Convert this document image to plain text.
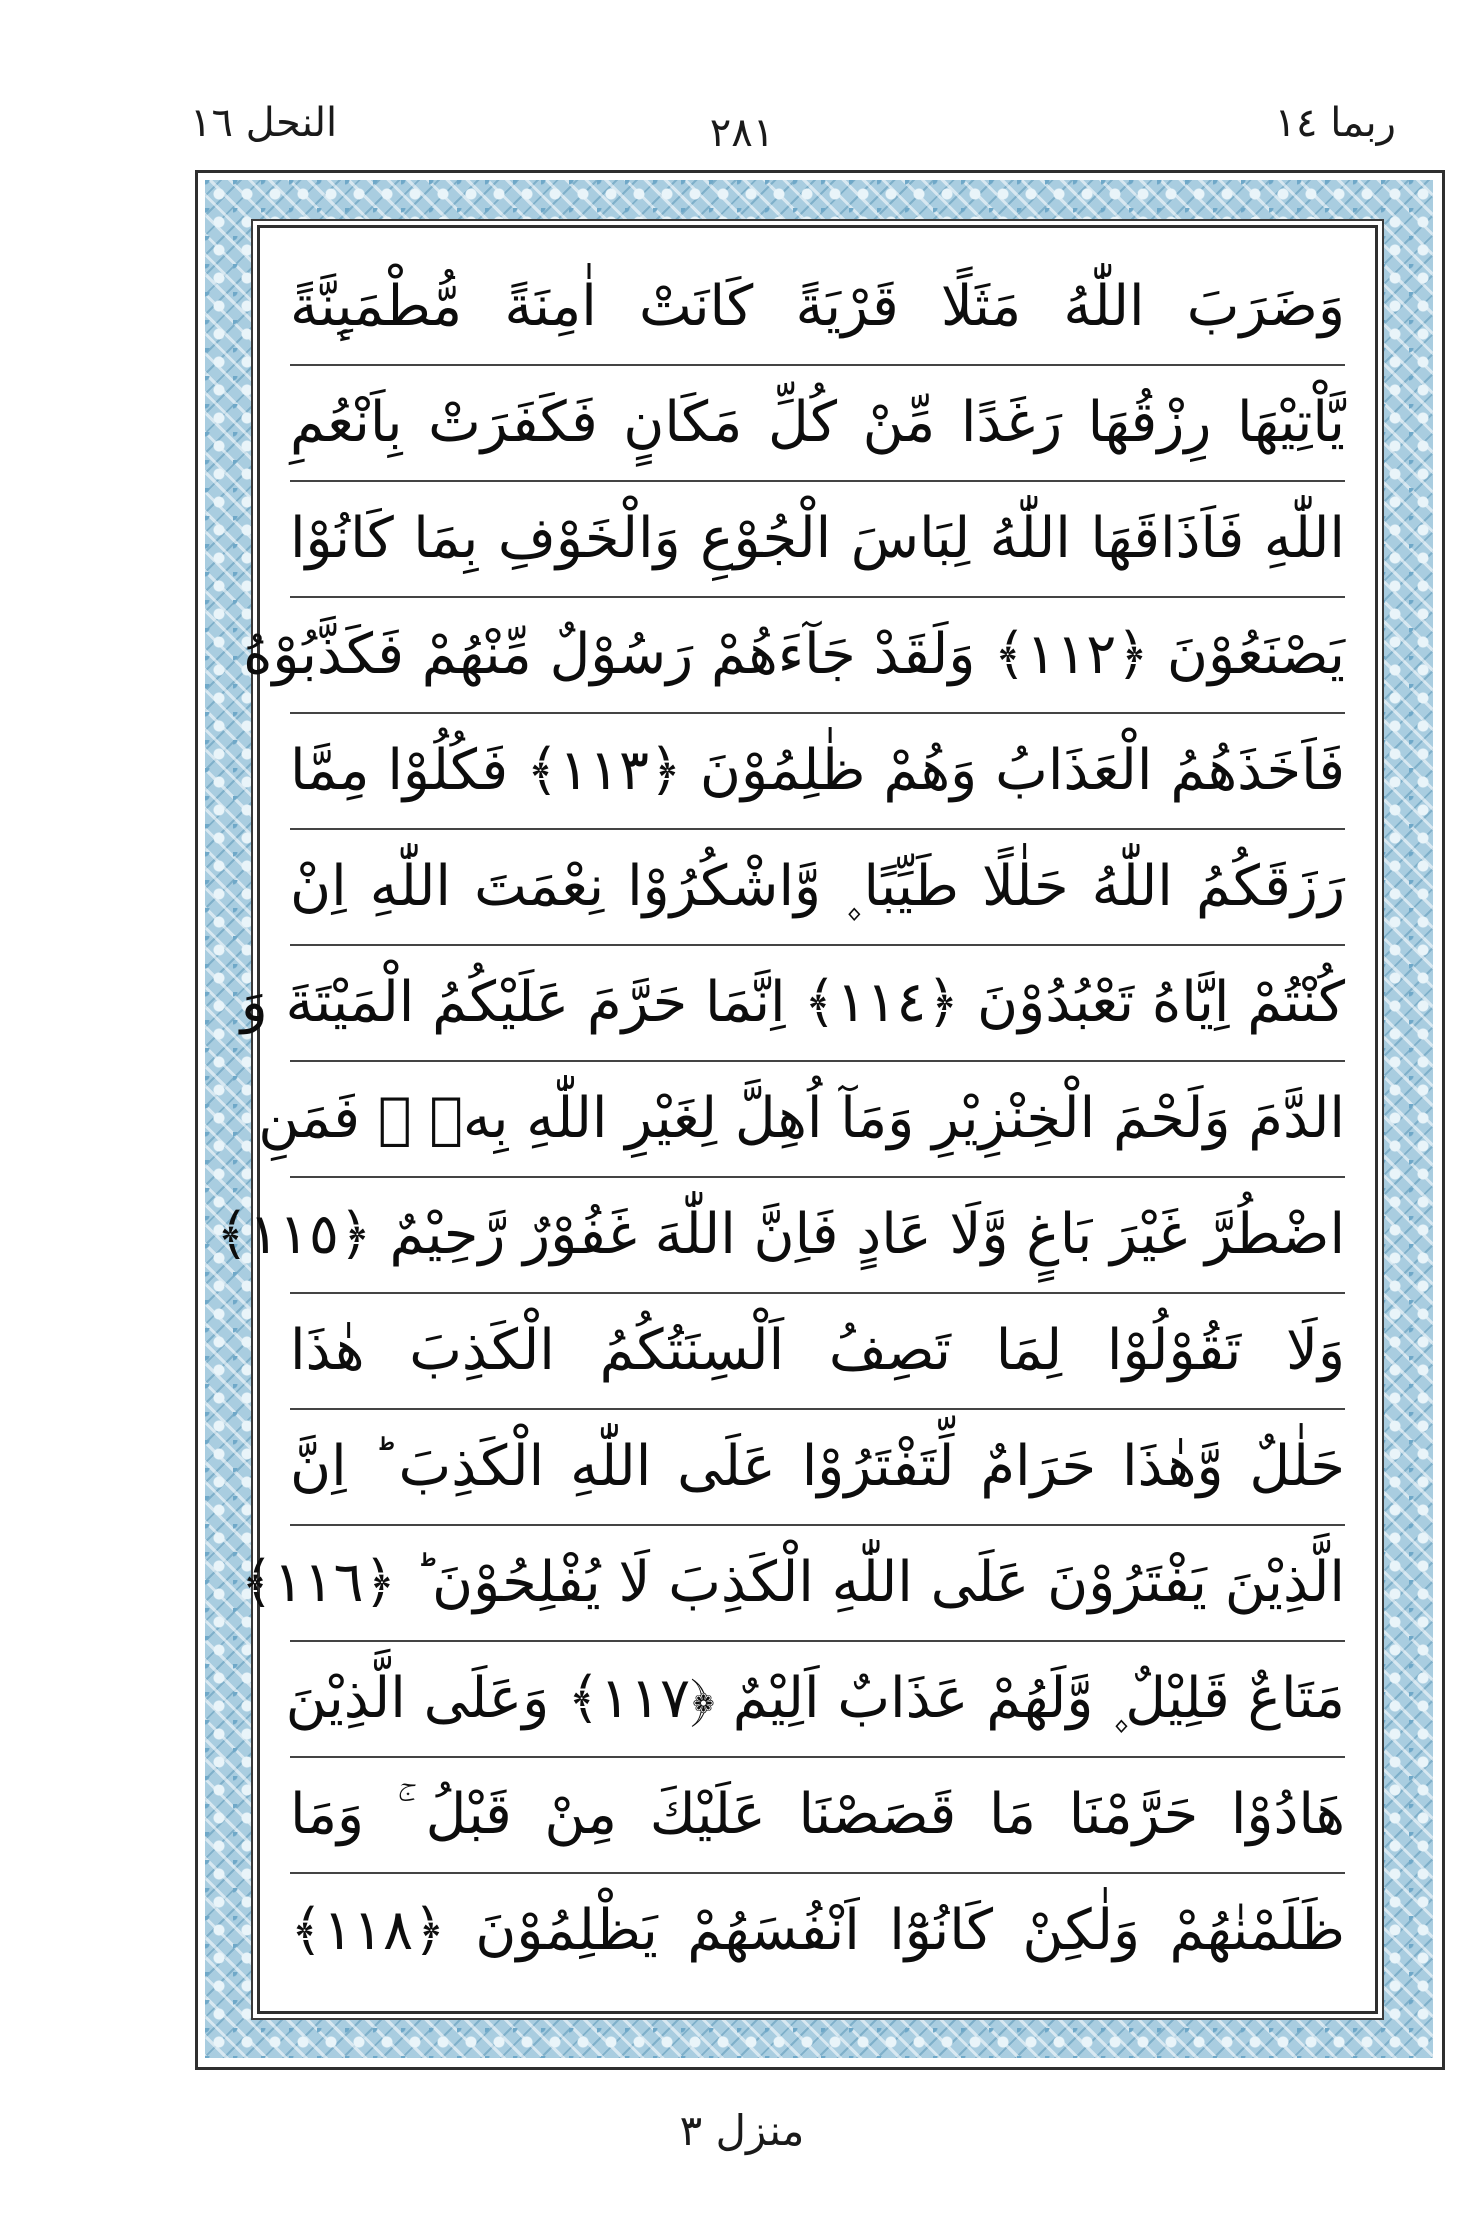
ربما ١٤
٢٨١
النحل ١٦
وَضَرَبَ اللّٰهُ مَثَلًا قَرْيَةً كَانَتْ اٰمِنَةً مُّطْمَىِٕنَّةً
يَّاْتِيْهَا رِزْقُهَا رَغَدًا مِّنْ كُلِّ مَكَانٍ فَكَفَرَتْ بِاَنْعُمِ
اللّٰهِ فَاَذَاقَهَا اللّٰهُ لِبَاسَ الْجُوْعِ وَالْخَوْفِ بِمَا كَانُوْا
يَصْنَعُوْنَ ﴿١١٢﴾ وَلَقَدْ جَآءَهُمْ رَسُوْلٌ مِّنْهُمْ فَكَذَّبُوْهُ
فَاَخَذَهُمُ الْعَذَابُ وَهُمْ ظٰلِمُوْنَ ﴿١١٣﴾ فَكُلُوْا مِمَّا
رَزَقَكُمُ اللّٰهُ حَلٰلًا طَيِّبًا ۪ وَّاشْكُرُوْا نِعْمَتَ اللّٰهِ اِنْ
كُنْتُمْ اِيَّاهُ تَعْبُدُوْنَ ﴿١١٤﴾ اِنَّمَا حَرَّمَ عَلَيْكُمُ الْمَيْتَةَ وَ
الدَّمَ وَلَحْمَ الْخِنْزِيْرِ وَمَآ اُهِلَّ لِغَيْرِ اللّٰهِ بِهٖ ۚ فَمَنِ
اضْطُرَّ غَيْرَ بَاغٍ وَّلَا عَادٍ فَاِنَّ اللّٰهَ غَفُوْرٌ رَّحِيْمٌ ﴿١١٥﴾
وَلَا تَقُوْلُوْا لِمَا تَصِفُ اَلْسِنَتُكُمُ الْكَذِبَ هٰذَا
حَلٰلٌ وَّهٰذَا حَرَامٌ لِّتَفْتَرُوْا عَلَى اللّٰهِ الْكَذِبَ ؕ اِنَّ
الَّذِيْنَ يَفْتَرُوْنَ عَلَى اللّٰهِ الْكَذِبَ لَا يُفْلِحُوْنَ ؕ ﴿١١٦﴾
مَتَاعٌ قَلِيْلٌ ۪ وَّلَهُمْ عَذَابٌ اَلِيْمٌ ﴿١١٧﴾ وَعَلَى الَّذِيْنَ
هَادُوْا حَرَّمْنَا مَا قَصَصْنَا عَلَيْكَ مِنْ قَبْلُ ۚ وَمَا
ظَلَمْنٰهُمْ وَلٰكِنْ كَانُوْٓا اَنْفُسَهُمْ يَظْلِمُوْنَ ﴿١١٨﴾
منزل ٣
